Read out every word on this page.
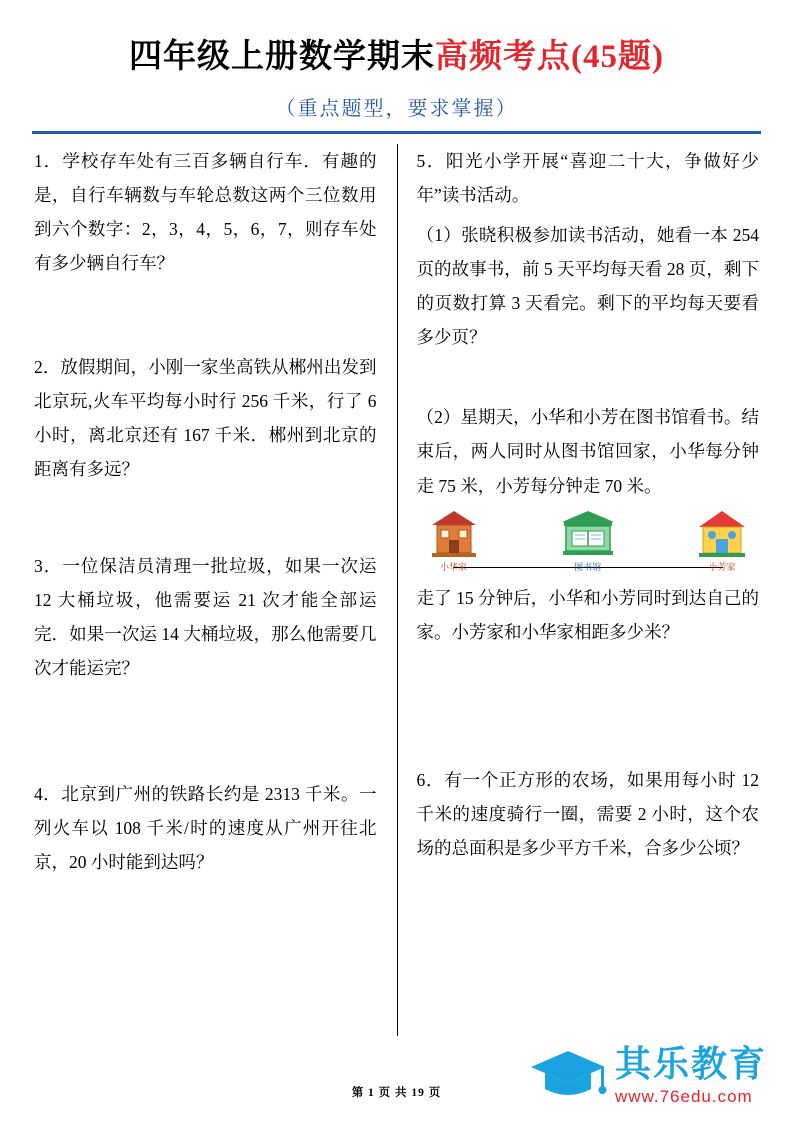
四年级上册数学期末高频考点(45题)
（重点题型，要求掌握）
1．学校存车处有三百多辆自行车．有趣的是，自行车辆数与车轮总数这两个三位数用到六个数字：2，3，4，5，6，7，则存车处有多少辆自行车？
2．放假期间，小刚一家坐高铁从郴州出发到北京玩,火车平均每小时行 256 千米，行了 6 小时，离北京还有 167 千米．郴州到北京的距离有多远？
3．一位保洁员清理一批垃圾，如果一次运 12 大桶垃圾，他需要运 21 次才能全部运完．如果一次运 14 大桶垃圾，那么他需要几次才能运完？
4．北京到广州的铁路长约是 2313 千米。一列火车以 108 千米/时的速度从广州开往北京，20 小时能到达吗？
5．阳光小学开展“喜迎二十大，争做好少年”读书活动。
（1）张晓积极参加读书活动，她看一本 254 页的故事书，前 5 天平均每天看 28 页，剩下的页数打算 3 天看完。剩下的平均每天要看多少页？
（2）星期天，小华和小芳在图书馆看书。结束后，两人同时从图书馆回家，小华每分钟走 75 米，小芳每分钟走 70 米。
小华家	图书馆	小芳家
走了 15 分钟后，小华和小芳同时到达自己的家。小芳家和小华家相距多少米？
6．有一个正方形的农场，如果用每小时 12 千米的速度骑行一圈，需要 2 小时，这个农场的总面积是多少平方千米，合多少公顷？
第 1 页 共 19 页
其乐教育
www.76edu.com
